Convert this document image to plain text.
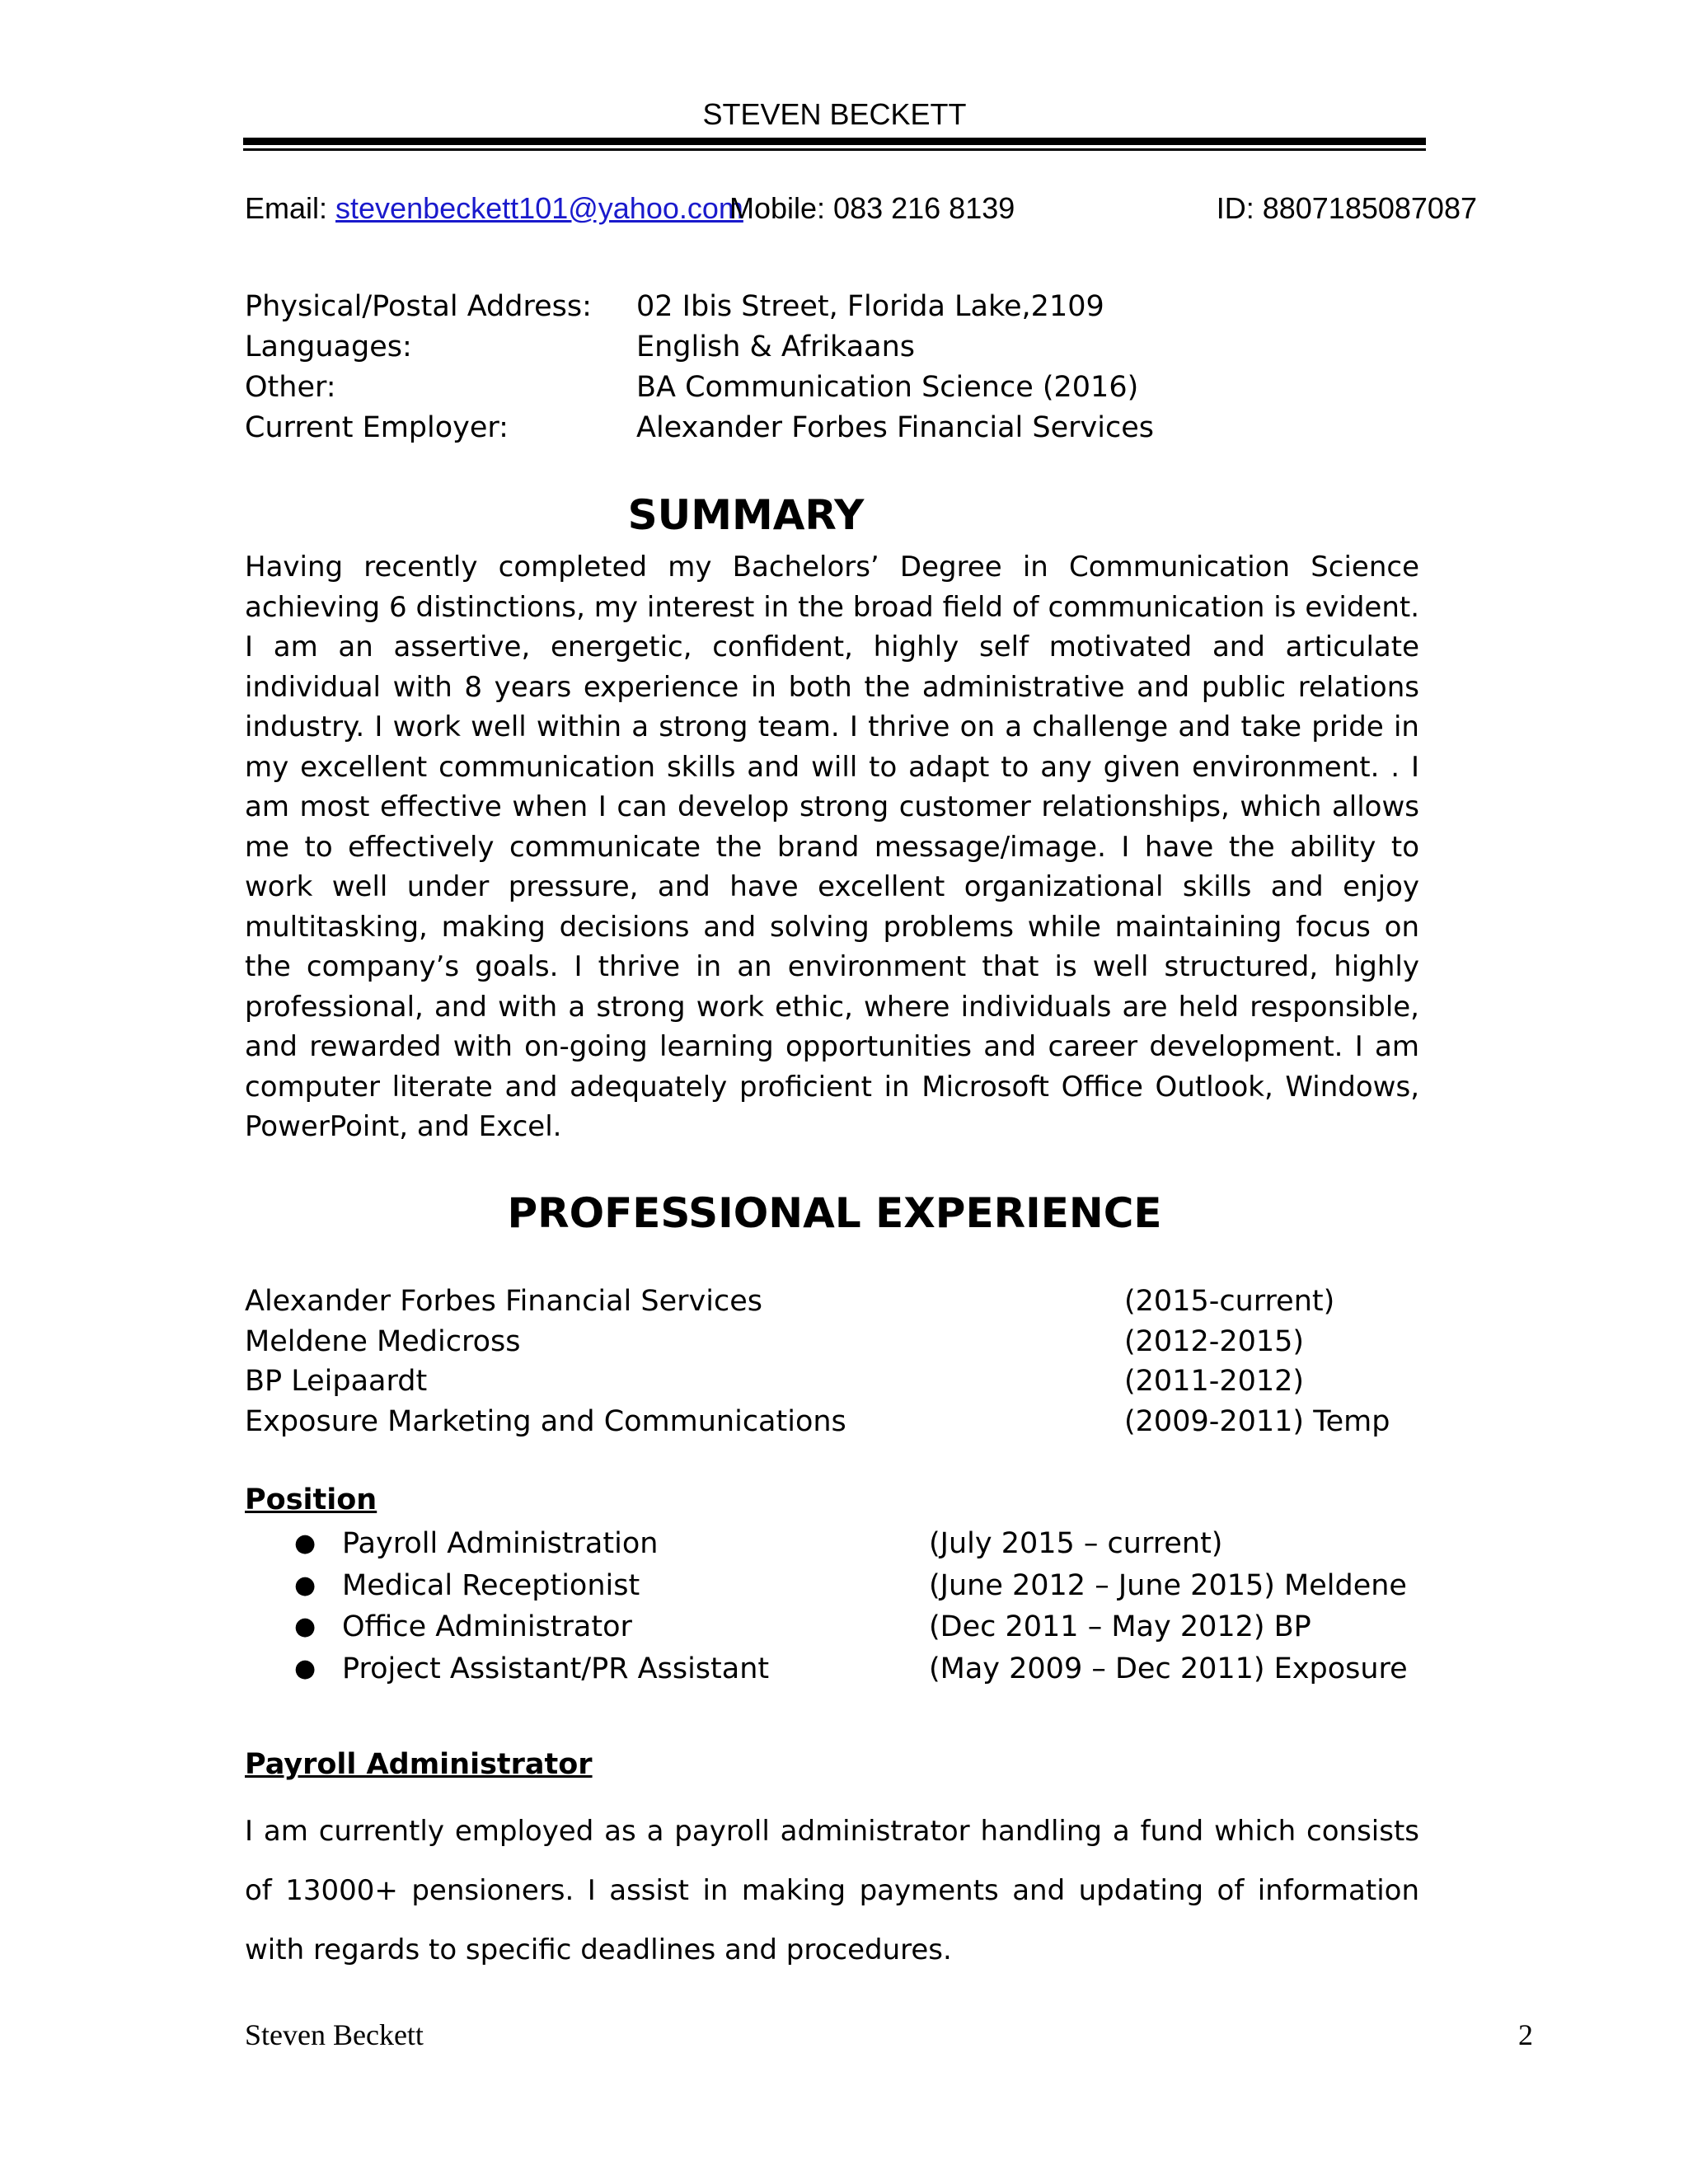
STEVEN BECKETT
Email: stevenbeckett101@yahoo.com
Mobile: 083 216 8139	ID: 8807185087087
Physical/Postal Address: 02 Ibis Street, Florida Lake,2109
Languages:	English & Afrikaans
Other:	BA Communication Science (2016)
Current Employer:	Alexander Forbes Financial Services
SUMMARY
Having recently completed my Bachelors’ Degree in Communication Science achieving 6 distinctions, my interest in the broad field of communication is evident. I am an assertive, energetic, confident, highly self motivated and articulate individual with 8 years experience in both the administrative and public relations industry. I work well within a strong team. I thrive on a challenge and take pride in my excellent communication skills and will to adapt to any given environment. . I am most effective when I can develop strong customer relationships, which allows me to effectively communicate the brand message/image. I have the ability to work well under pressure, and have excellent organizational skills and enjoy multitasking, making decisions and solving problems while maintaining focus on the company’s goals. I thrive in an environment that is well structured, highly professional, and with a strong work ethic, where individuals are held responsible, and rewarded with on-going learning opportunities and career development. I am computer literate and adequately proficient in Microsoft Office Outlook, Windows, PowerPoint, and Excel.
PROFESSIONAL EXPERIENCE
Alexander Forbes Financial Services	(2015-current)
Meldene Medicross	(2012-2015)
BP Leipaardt	(2011-2012)
Exposure Marketing and Communications	(2009-2011) Temp
Position
● Payroll Administration	(July 2015 – current)
● Medical Receptionist	(June 2012 – June 2015) Meldene
● Office Administrator	(Dec 2011 – May 2012) BP
● Project Assistant/PR Assistant	(May 2009 – Dec 2011) Exposure
Payroll Administrator
I am currently employed as a payroll administrator handling a fund which consists of 13000+ pensioners. I assist in making payments and updating of information with regards to specific deadlines and procedures.
Steven Beckett	2
